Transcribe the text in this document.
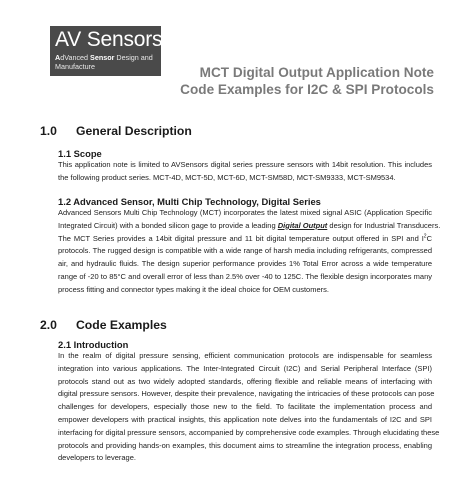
AV Sensors
AdVanced Sensor Design and
Manufacture	MCT Digital Output Application Note
Code Examples for I2C & SPI Protocols
1.0 General Description
1.1 Scope
This application note is limited to AVSensors digital series pressure sensors with 14bit resolution. This includes
the following product series. MCT-4D, MCT-5D, MCT-6D, MCT-SM58D, MCT-SM9333, MCT-SM9534.
1.2 Advanced Sensor, Multi Chip Technology, Digital Series
Advanced Sensors Multi Chip Technology (MCT) incorporates the latest mixed signal ASIC (Application Specific
Integrated Circuit) with a bonded silicon gage to provide a leading Digital Output design for Industrial Transducers.
The MCT Series provides a 14bit digital pressure and 11 bit digital temperature output offered in SPI and $I^2C$
protocols. The rugged design is compatible with a wide range of harsh media including refrigerants, compressed
air, and hydraulic fluids. The design superior performance provides 1% Total Error across a wide temperature
range of -20 to 85°C and overall error of less than 2.5% over -40 to 125C. The flexible design incorporates many
process fitting and connector types making it the ideal choice for OEM customers.
2.0 Code Examples
2.1 Introduction
In the realm of digital pressure sensing, efficient communication protocols are indispensable for seamless
integration into various applications. The Inter-Integrated Circuit (I2C) and Serial Peripheral Interface (SPI)
protocols stand out as two widely adopted standards, offering flexible and reliable means of interfacing with
digital pressure sensors. However, despite their prevalence, navigating the intricacies of these protocols can pose
challenges for developers, especially those new to the field. To facilitate the implementation process and
empower developers with practical insights, this application note delves into the fundamentals of I2C and SPI
interfacing for digital pressure sensors, accompanied by comprehensive code examples. Through elucidating these
protocols and providing hands-on examples, this document aims to streamline the integration process, enabling
developers to leverage.
